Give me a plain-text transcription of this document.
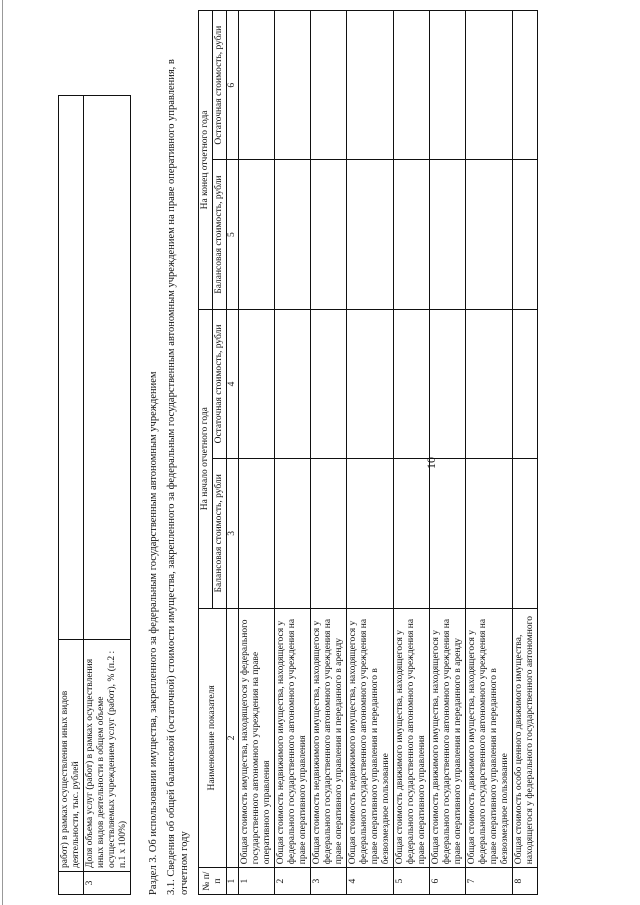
	работ) в рамках осуществления иных видов деятельности, тыс. рублей	
3	Доля объема услуг (работ) в рамках осуществления иных видов деятельности в общем объеме осуществляемых учреждением услуг (работ), % (п.2 : п.1 x 100%)	
10
Раздел 3. Об использовании имущества, закрепленного за федеральным государственным автономным учреждением 3.1. Сведения об общей балансовой (остаточной) стоимости имущества, закрепленного за федеральным государственным автономным учреждением на праве оперативного управления, в отчетном году № п/п	Наименование показателя	На начало отчетного года		На конец отчетного года	
		Балансовая стоимость, рубли	Остаточная стоимость, рубли	Балансовая стоимость, рубли	Остаточная стоимость, рубли
1	2	3	4	5	6
1	Общая стоимость имущества, находящегося у федерального государственного автономного учреждения на праве оперативного управления				
2	Общая стоимость недвижимого имущества, находящегося у федерального государственного автономного учреждения на праве оперативного управления				
3	Общая стоимость недвижимого имущества, находящегося у федерального государственного автономного учреждения на праве оперативного управления и переданного в аренду				
4	Общая стоимость недвижимого имущества, находящегося у федерального государственного автономного учреждения на праве оперативного управления и переданного в безвозмездное пользование				
5	Общая стоимость движимого имущества, находящегося у федерального государственного автономного учреждения на праве оперативного управления				
6	Общая стоимость движимого имущества, находящегося у федерального государственного автономного учреждения на праве оперативного управления и переданного в аренду				
7	Общая стоимость движимого имущества, находящегося у федерального государственного автономного учреждения на праве оперативного управления и переданного в безвозмездное пользование				
8	Общая стоимость особо ценного движимого имущества, находящегося у федерального государственного автономного				
